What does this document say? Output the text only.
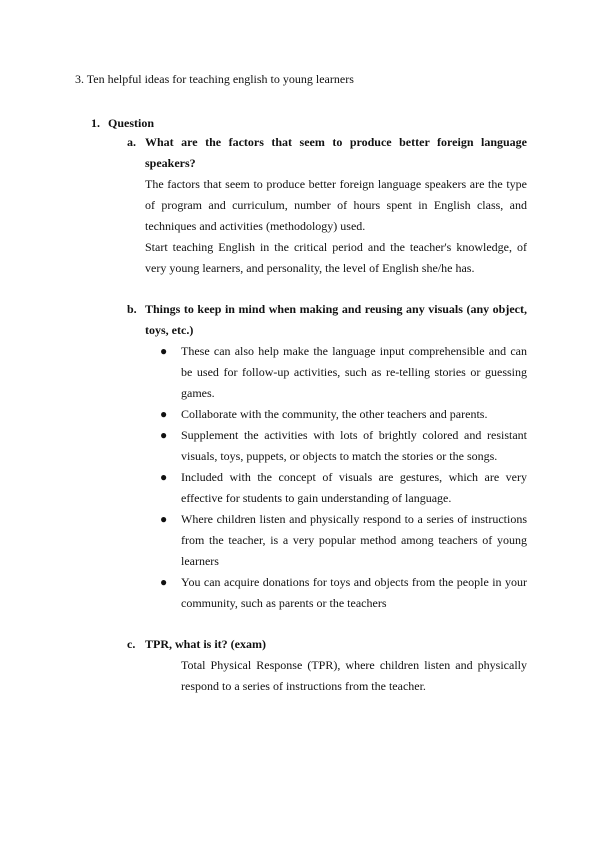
3. Ten helpful ideas for teaching english to young learners
1. Question
a. What are the factors that seem to produce better foreign language speakers?
The factors that seem to produce better foreign language speakers are the type of program and curriculum, number of hours spent in English class, and techniques and activities (methodology) used.
Start teaching English in the critical period and the teacher's knowledge, of very young learners, and personality, the level of English she/he has.
b. Things to keep in mind when making and reusing any visuals (any object, toys, etc.)
● These can also help make the language input comprehensible and can be used for follow-up activities, such as re-telling stories or guessing games.
● Collaborate with the community, the other teachers and parents.
● Supplement the activities with lots of brightly colored and resistant visuals, toys, puppets, or objects to match the stories or the songs.
● Included with the concept of visuals are gestures, which are very effective for students to gain understanding of language.
● Where children listen and physically respond to a series of instructions from the teacher, is a very popular method among teachers of young learners
● You can acquire donations for toys and objects from the people in your community, such as parents or the teachers
c. TPR, what is it? (exam)
Total Physical Response (TPR), where children listen and physically respond to a series of instructions from the teacher.
